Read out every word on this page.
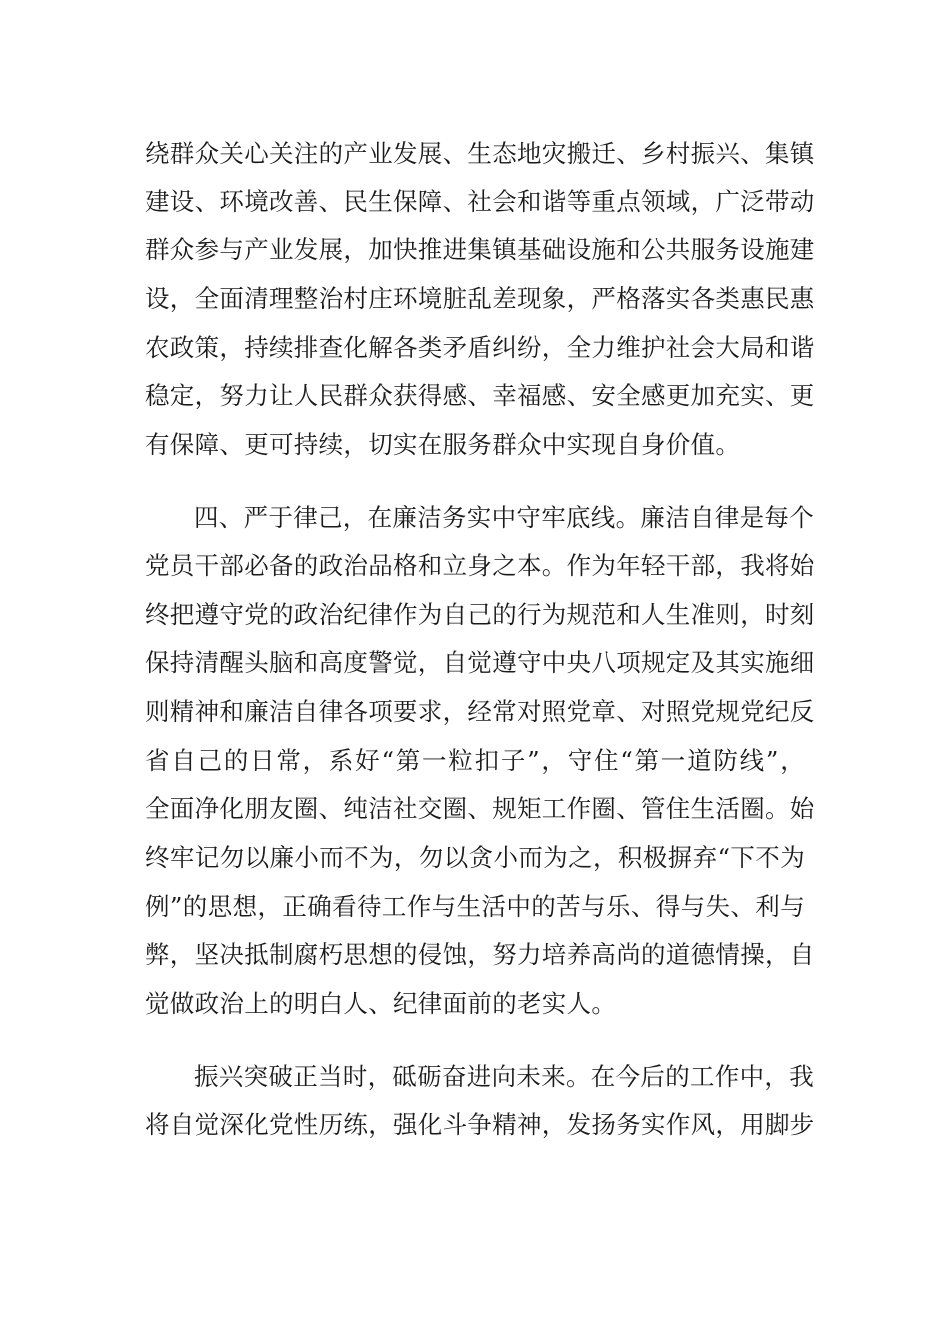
绕群众关心关注的产业发展、生态地灾搬迁、乡村振兴、集镇
建设、环境改善、民生保障、社会和谐等重点领域，广泛带动
群众参与产业发展，加快推进集镇基础设施和公共服务设施建
设，全面清理整治村庄环境脏乱差现象，严格落实各类惠民惠
农政策，持续排查化解各类矛盾纠纷，全力维护社会大局和谐
稳定，努力让人民群众获得感、幸福感、安全感更加充实、更
有保障、更可持续，切实在服务群众中实现自身价值。
四、严于律己，在廉洁务实中守牢底线。廉洁自律是每个
党员干部必备的政治品格和立身之本。作为年轻干部，我将始
终把遵守党的政治纪律作为自己的行为规范和人生准则，时刻
保持清醒头脑和高度警觉，自觉遵守中央八项规定及其实施细
则精神和廉洁自律各项要求，经常对照党章、对照党规党纪反
省自己的日常，系好“第一粒扣子”，守住“第一道防线”，
全面净化朋友圈、纯洁社交圈、规矩工作圈、管住生活圈。始
终牢记勿以廉小而不为，勿以贪小而为之，积极摒弃“下不为
例”的思想，正确看待工作与生活中的苦与乐、得与失、利与
弊，坚决抵制腐朽思想的侵蚀，努力培养高尚的道德情操，自
觉做政治上的明白人、纪律面前的老实人。
振兴突破正当时，砥砺奋进向未来。在今后的工作中，我
将自觉深化党性历练，强化斗争精神，发扬务实作风，用脚步
